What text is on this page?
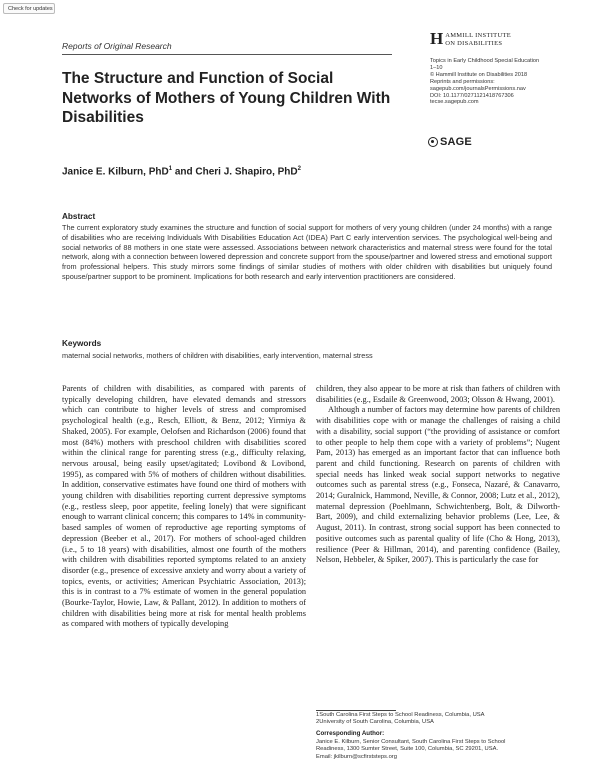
Check for updates
Reports of Original Research	H AMMILL INSTITUTE
ON DISABILITIES
Topics in Early Childhood Special Education
1–10
© Hammill Institute on Disabilities 2018
Reprints and permissions:
sagepub.com/journalsPermissions.nav
DOI: 10.1177/0271121418767306
tecse.sagepub.com
SAGE
The Structure and Function of Social Networks of Mothers of Young Children With Disabilities
Janice E. Kilburn, PhD$^1$ and Cheri J. Shapiro, PhD$^2$
Abstract
The current exploratory study examines the structure and function of social support for mothers of very young children (under 24 months) with a range of disabilities who are receiving Individuals With Disabilities Education Act (IDEA) Part C early intervention services. The psychological well-being and social networks of 88 mothers in one state were assessed. Associations between network characteristics and maternal stress were found for the total network, along with a connection between lowered depression and concrete support from the spouse/partner and lowered stress and emotional support from professional helpers. This study mirrors some findings of similar studies of mothers with older children with disabilities but uniquely found spouse/partner support to be prominent. Implications for both research and early intervention practitioners are considered.
Keywords
maternal social networks, mothers of children with disabilities, early intervention, maternal stress

Parents of children with disabilities, as compared with parents of typically developing children, have elevated demands and stressors which can contribute to higher levels of stress and compromised psychological health (e.g., Resch, Elliott, & Benz, 2012; Yirmiya & Shaked, 2005). For example, Oelofsen and Richardson (2006) found that most (84%) mothers with preschool children with disabilities scored within the clinical range for parenting stress (e.g., difficulty relaxing, nervous arousal, being easily upset/agitated; Lovibond & Lovibond, 1995), as compared with 5% of mothers of children without disabilities. In addition, conservative estimates have found one third of mothers with young children with disabilities reporting current depressive symptoms (e.g., restless sleep, poor appetite, feeling lonely) that were significant enough to warrant clinical concern; this compares to 14% in community-based samples of women of reproductive age reporting symptoms of depression (Beeber et al., 2017). For mothers of school-aged children (i.e., 5 to 18 years) with disabilities, almost one fourth of the mothers with children with disabilities reported symptoms related to an anxiety disorder (e.g., presence of excessive anxiety and worry about a variety of topics, events, or activities; American Psychiatric Association, 2013); this is in contrast to a 7% estimate of women in the general population (Bourke-Taylor, Howie, Law, & Pallant, 2012). In addition to mothers of children with disabilities being more at risk for mental health problems as compared with mothers of typically developing

children, they also appear to be more at risk than fathers of children with disabilities (e.g., Esdaile & Greenwood, 2003; Olsson & Hwang, 2001).

Although a number of factors may determine how parents of children with disabilities cope with or manage the challenges of raising a child with a disability, social support (“the providing of assistance or comfort to other people to help them cope with a variety of problems”; Nugent Pam, 2013) has emerged as an important factor that can influence both parent and child functioning. Research on parents of children with special needs has linked weak social support networks to negative outcomes such as parental stress (e.g., Fonseca, Nazaré, & Canavarro, 2014; Guralnick, Hammond, Neville, & Connor, 2008; Lutz et al., 2012), maternal depression (Poehlmann, Schwichtenberg, Bolt, & Dilworth-Bart, 2009), and child externalizing behavior problems (Lee, Lee, & August, 2011). In contrast, strong social support has been connected to positive outcomes such as parental quality of life (Cho & Hong, 2013), resilience (Peer & Hillman, 2014), and parenting confidence (Bailey, Nelson, Hebbeler, & Spiker, 2007). This is particularly the case for

1South Carolina First Steps to School Readiness, Columbia, USA
2University of South Carolina, Columbia, USA
Corresponding Author:
Janice E. Kilburn, Senior Consultant, South Carolina First Steps to School
Readiness, 1300 Sumter Street, Suite 100, Columbia, SC 29201, USA.
Email: jkilburn@scfirststeps.org
